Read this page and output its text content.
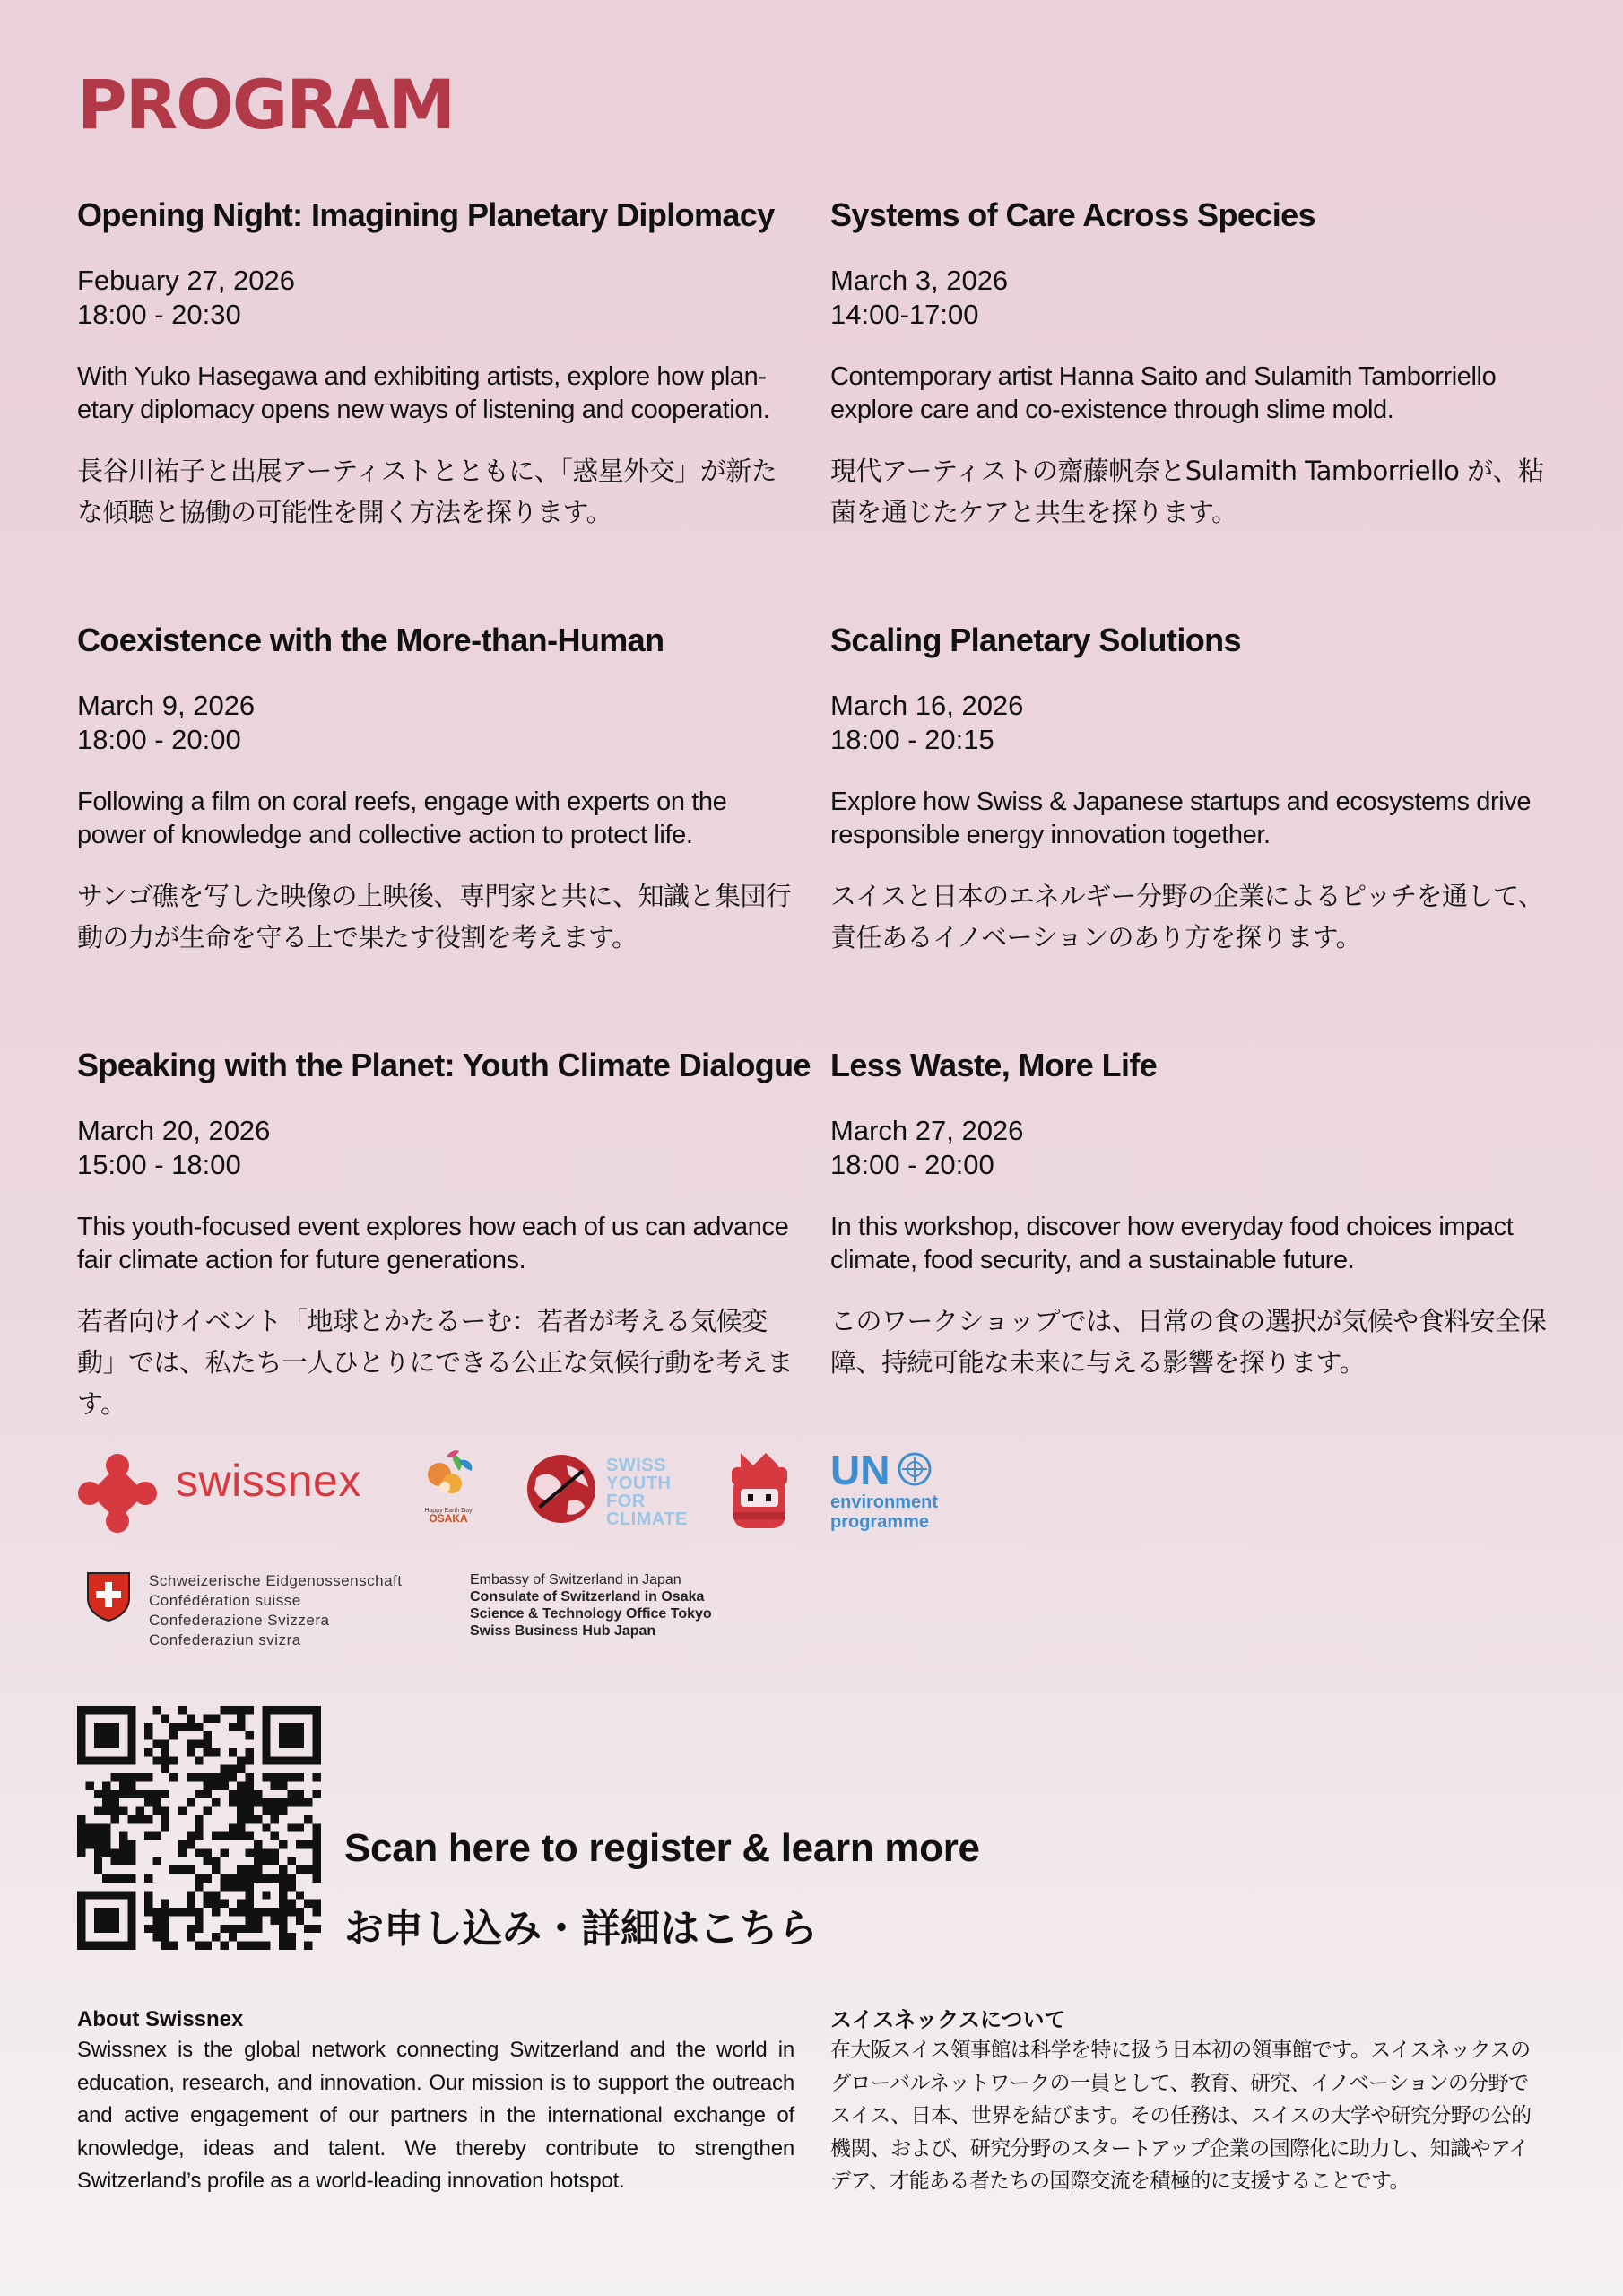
PROGRAM
Opening Night: Imagining Planetary Diplomacy
Febuary 27, 2026
18:00 - 20:30
With Yuko Hasegawa and exhibiting artists, explore how plan-etary diplomacy opens new ways of listening and cooperation.
長谷川祐子と出展アーティストとともに、「惑星外交」が新たな傾聴と協働の可能性を開く方法を探ります。
Systems of Care Across Species
March 3, 2026
14:00-17:00
Contemporary artist Hanna Saito and Sulamith Tamborriello explore care and co-existence through slime mold.
現代アーティストの齋藤帆奈とSulamith Tamborriello が、粘菌を通じたケアと共生を探ります。
Coexistence with the More-than-Human
March 9, 2026
18:00 - 20:00
Following a film on coral reefs, engage with experts on the power of knowledge and collective action to protect life.
サンゴ礁を写した映像の上映後、専門家と共に、知識と集団行動の力が生命を守る上で果たす役割を考えます。
Scaling Planetary Solutions
March 16, 2026
18:00 - 20:15
Explore how Swiss & Japanese startups and ecosystems drive responsible energy innovation together.
スイスと日本のエネルギー分野の企業によるピッチを通して、責任あるイノベーションのあり方を探ります。
Speaking with the Planet: Youth Climate Dialogue
March 20, 2026
15:00 - 18:00
This youth-focused event explores how each of us can advance fair climate action for future generations.
若者向けイベント「地球とかたるーむ：若者が考える気候変動」では、私たち一人ひとりにできる公正な気候行動を考えます。
Less Waste, More Life
March 27, 2026
18:00 - 20:00
In this workshop, discover how everyday food choices impact climate, food security, and a sustainable future.
このワークショップでは、日常の食の選択が気候や食料安全保障、持続可能な未来に与える影響を探ります。
swissnex
Happy Earth Day
OSAKA
SWISS
YOUTH
FOR
CLIMATE
UN
environment
programme
Schweizerische Eidgenossenschaft
Confédération suisse
Confederazione Svizzera
Confederaziun svizra
Embassy of Switzerland in Japan
Consulate of Switzerland in Osaka
Science & Technology Office Tokyo
Swiss Business Hub Japan
Scan here to register & learn more
お申し込み・詳細はこちら
About Swissnex

Swissnex is the global network connecting Switzerland and the world in education, research, and innovation. Our mission is to support the outreach and active engagement of our partners in the international exchange of knowledge, ideas and talent. We thereby contribute to strengthen Switzerland’s profile as a world-leading innovation hotspot.

スイスネックスについて

在大阪スイス領事館は科学を特に扱う日本初の領事館です。スイスネックスのグローバルネットワークの一員として、教育、研究、イノベーションの分野でスイス、日本、世界を結びます。その任務は、スイスの大学や研究分野の公的機関、および、研究分野のスタートアップ企業の国際化に助力し、知識やアイデア、才能ある者たちの国際交流を積極的に支援することです。
